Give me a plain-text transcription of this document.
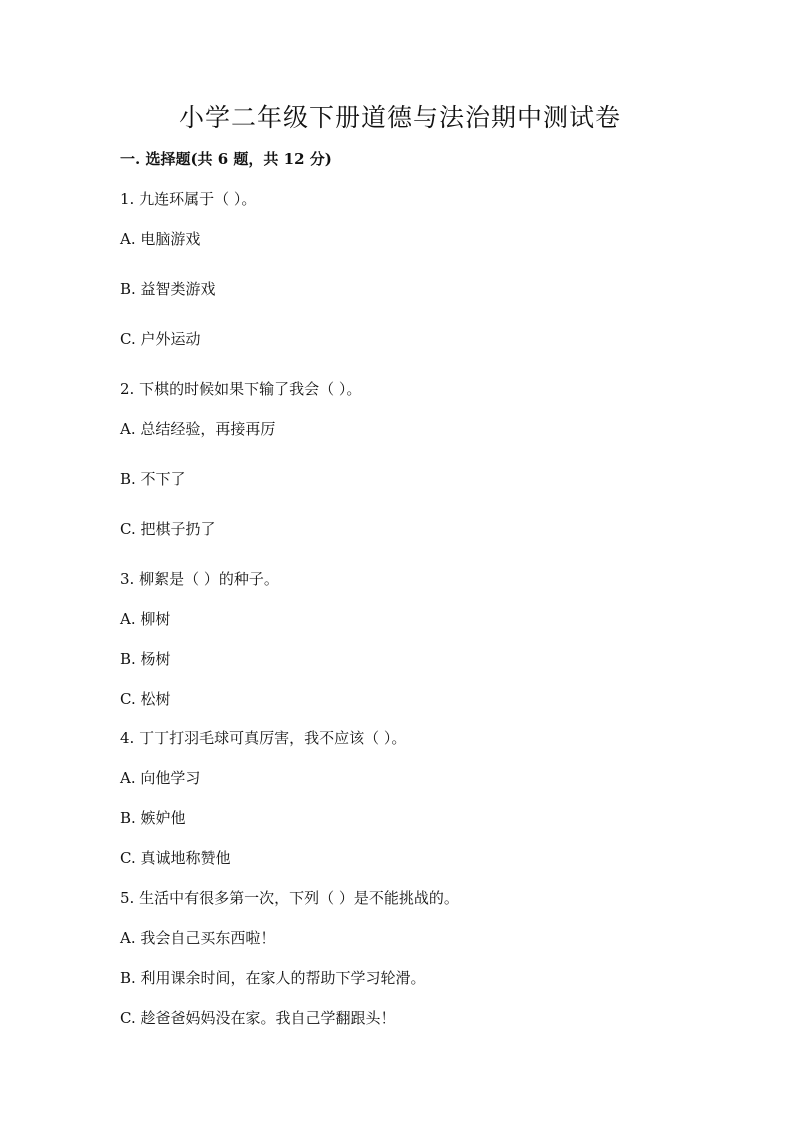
小学二年级下册道德与法治期中测试卷
一. 选择题(共 6 题，共 12 分)

1. 九连环属于（ ）。

A. 电脑游戏

B. 益智类游戏

C. 户外运动

2. 下棋的时候如果下输了我会（ ）。

A. 总结经验，再接再厉

B. 不下了

C. 把棋子扔了

3. 柳絮是（ ）的种子。

A. 柳树

B. 杨树

C. 松树

4. 丁丁打羽毛球可真厉害，我不应该（ ）。

A. 向他学习

B. 嫉妒他

C. 真诚地称赞他

5. 生活中有很多第一次，下列（ ）是不能挑战的。

A. 我会自己买东西啦！

B. 利用课余时间，在家人的帮助下学习轮滑。

C. 趁爸爸妈妈没在家。我自己学翻跟头！
